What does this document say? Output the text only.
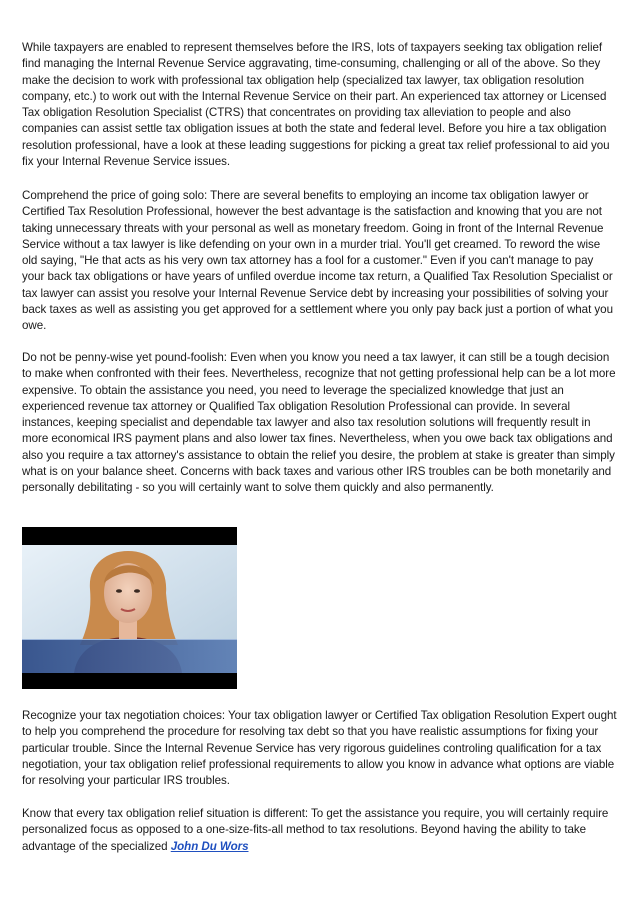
While taxpayers are enabled to represent themselves before the IRS, lots of taxpayers seeking tax obligation relief find managing the Internal Revenue Service aggravating, time-consuming, challenging or all of the above. So they make the decision to work with professional tax obligation help (specialized tax lawyer, tax obligation resolution company, etc.) to work out with the Internal Revenue Service on their part. An experienced tax attorney or Licensed Tax obligation Resolution Specialist (CTRS) that concentrates on providing tax alleviation to people and also companies can assist settle tax obligation issues at both the state and federal level. Before you hire a tax obligation resolution professional, have a look at these leading suggestions for picking a great tax relief professional to aid you fix your Internal Revenue Service issues.

Comprehend the price of going solo: There are several benefits to employing an income tax obligation lawyer or Certified Tax Resolution Professional, however the best advantage is the satisfaction and knowing that you are not taking unnecessary threats with your personal as well as monetary freedom. Going in front of the Internal Revenue Service without a tax lawyer is like defending on your own in a murder trial. You'll get creamed. To reword the wise old saying, "He that acts as his very own tax attorney has a fool for a customer." Even if you can't manage to pay your back tax obligations or have years of unfiled overdue income tax return, a Qualified Tax Resolution Specialist or tax lawyer can assist you resolve your Internal Revenue Service debt by increasing your possibilities of solving your back taxes as well as assisting you get approved for a settlement where you only pay back just a portion of what you owe.

Do not be penny-wise yet pound-foolish: Even when you know you need a tax lawyer, it can still be a tough decision to make when confronted with their fees. Nevertheless, recognize that not getting professional help can be a lot more expensive. To obtain the assistance you need, you need to leverage the specialized knowledge that just an experienced revenue tax attorney or Qualified Tax obligation Resolution Professional can provide. In several instances, keeping specialist and dependable tax lawyer and also tax resolution solutions will frequently result in more economical IRS payment plans and also lower tax fines. Nevertheless, when you owe back tax obligations and also you require a tax attorney's assistance to obtain the relief you desire, the problem at stake is greater than simply what is on your balance sheet. Concerns with back taxes and various other IRS troubles can be both monetarily and personally debilitating - so you will certainly want to solve them quickly and also permanently.

Recognize your tax negotiation choices: Your tax obligation lawyer or Certified Tax obligation Resolution Expert ought to help you comprehend the procedure for resolving tax debt so that you have realistic assumptions for fixing your particular trouble. Since the Internal Revenue Service has very rigorous guidelines controling qualification for a tax negotiation, your tax obligation relief professional requirements to allow you know in advance what options are viable for resolving your particular IRS troubles.

Know that every tax obligation relief situation is different: To get the assistance you require, you will certainly require personalized focus as opposed to a one-size-fits-all method to tax resolutions. Beyond having the ability to take advantage of the specialized John Du Wors
